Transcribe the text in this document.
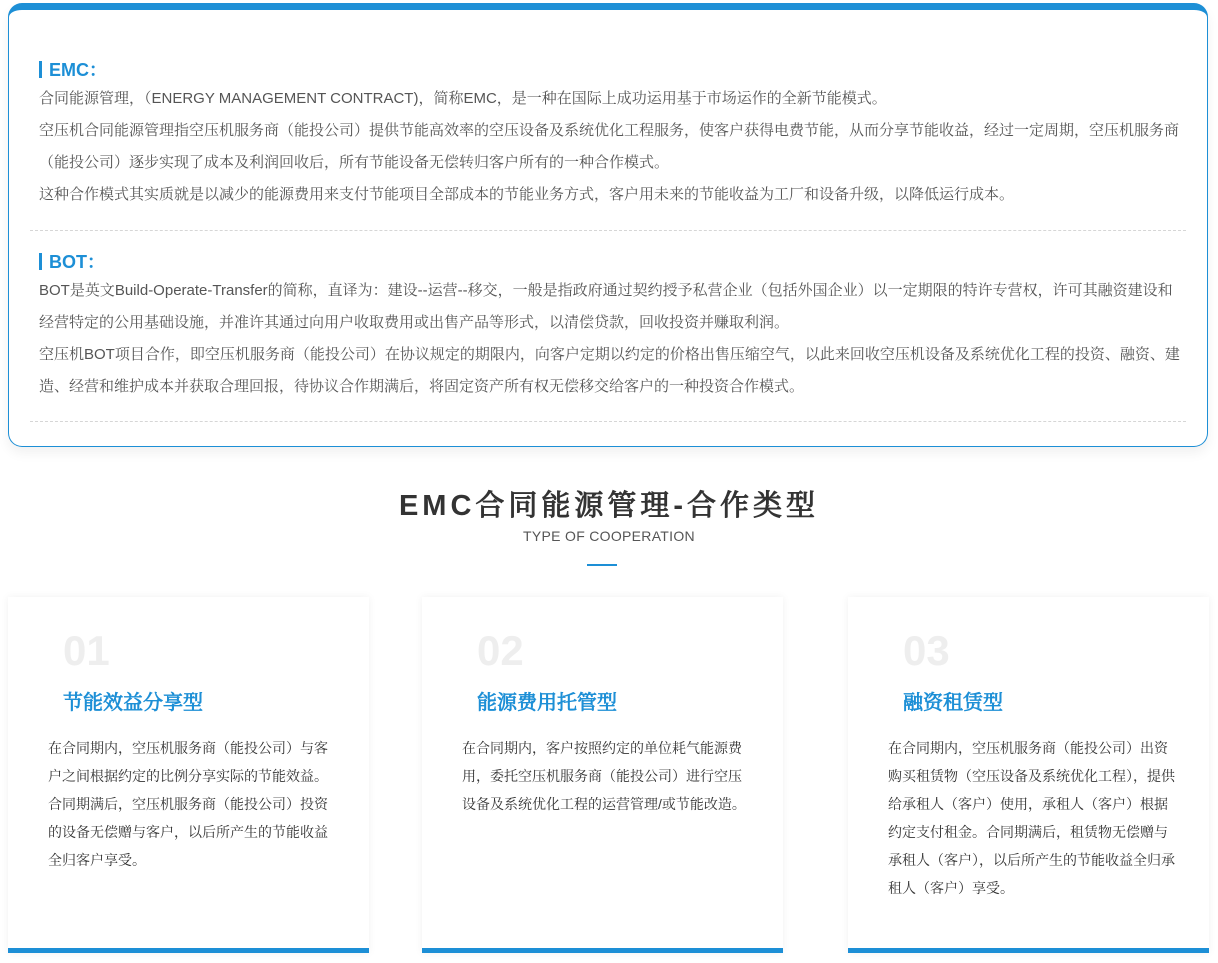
EMC：

合同能源管理，（ENERGY MANAGEMENT CONTRACT)，简称EMC，是一种在国际上成功运用基于市场运作的全新节能模式。

空压机合同能源管理指空压机服务商（能投公司）提供节能高效率的空压设备及系统优化工程服务，使客户获得电费节能，从而分享节能收益，经过一定周期，空压机服务商（能投公司）逐步实现了成本及利润回收后，所有节能设备无偿转归客户所有的一种合作模式。

这种合作模式其实质就是以减少的能源费用来支付节能项目全部成本的节能业务方式，客户用未来的节能收益为工厂和设备升级，以降低运行成本。

BOT：

BOT是英文Build-Operate-Transfer的简称，直译为：建设--运营--移交，一般是指政府通过契约授予私营企业（包括外国企业）以一定期限的特许专营权，许可其融资建设和经营特定的公用基础设施，并准许其通过向用户收取费用或出售产品等形式，以清偿贷款，回收投资并赚取利润。

空压机BOT项目合作，即空压机服务商（能投公司）在协议规定的期限内，向客户定期以约定的价格出售压缩空气，以此来回收空压机设备及系统优化工程的投资、融资、建造、经营和维护成本并获取合理回报，待协议合作期满后，将固定资产所有权无偿移交给客户的一种投资合作模式。

EMC合同能源管理-合作类型
TYPE OF COOPERATION
01
节能效益分享型
在合同期内，空压机服务商（能投公司）与客户之间根据约定的比例分享实际的节能效益。合同期满后，空压机服务商（能投公司）投资的设备无偿赠与客户，以后所产生的节能收益全归客户享受。
02
能源费用托管型
在合同期内，客户按照约定的单位耗气能源费用，委托空压机服务商（能投公司）进行空压设备及系统优化工程的运营管理/或节能改造。
03
融资租赁型
在合同期内，空压机服务商（能投公司）出资购买租赁物（空压设备及系统优化工程），提供给承租人（客户）使用，承租人（客户）根据约定支付租金。合同期满后，租赁物无偿赠与承租人（客户），以后所产生的节能收益全归承租人（客户）享受。
